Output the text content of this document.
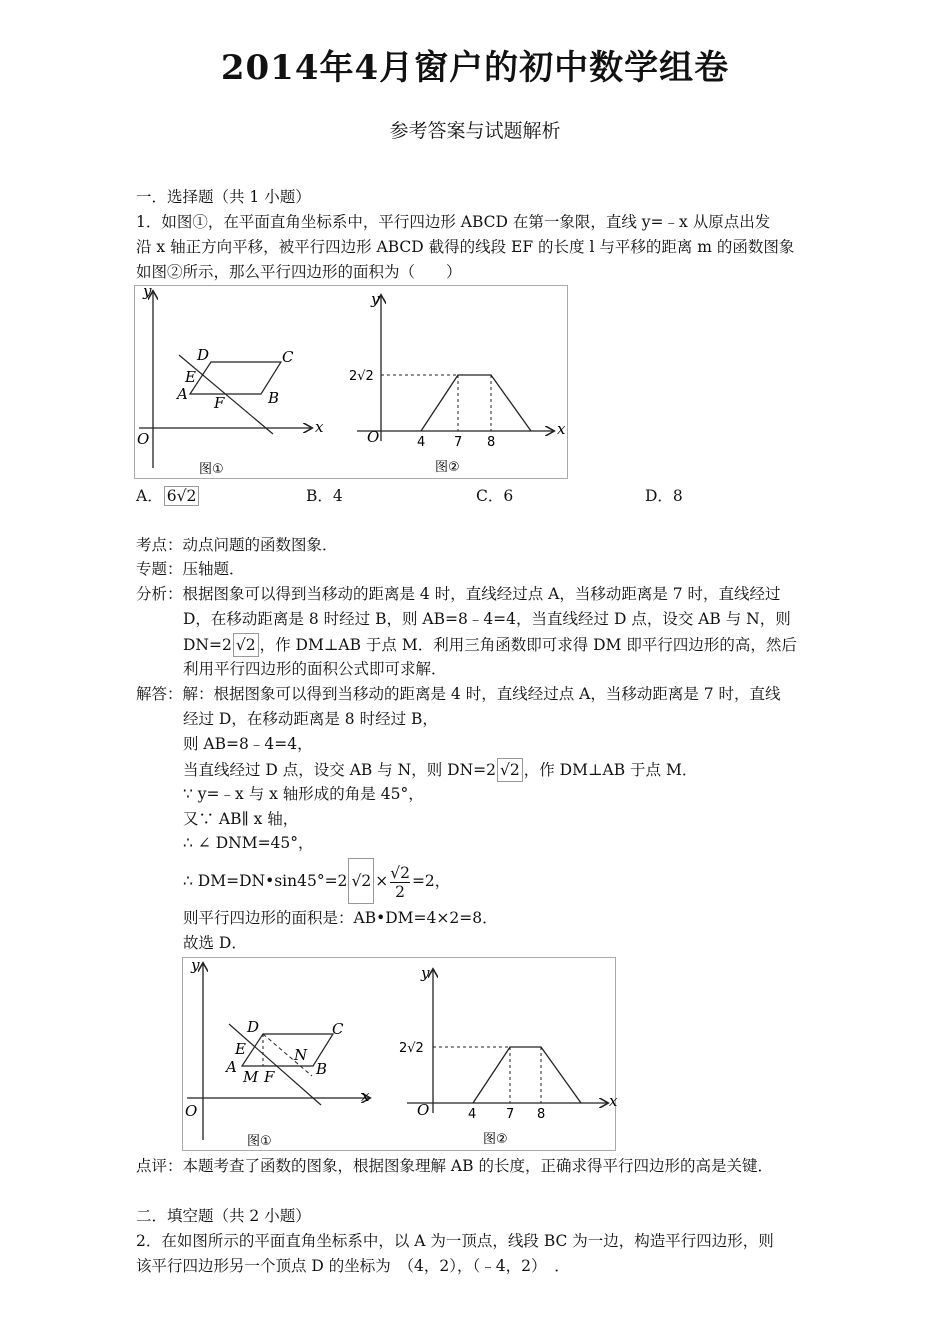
2014年4月窗户的初中数学组卷
参考答案与试题解析
一．选择题（共 1 小题）
1．如图①，在平面直角坐标系中，平行四边形 ABCD 在第一象限，直线 y=﹣x 从原点出发
沿 x 轴正方向平移，被平行四边形 ABCD 截得的线段 EF 的长度 l 与平移的距离 m 的函数图象
如图②所示，那么平行四边形的面积为（　　）
y
x
O
D	C
E
A F	B
图①
y
x
O
2√2
4 7 8
图②
A． 6√2	B．4	C．6	D．8
考点：动点问题的函数图象．
专题：压轴题．
分析：根据图象可以得到当移动的距离是 4 时，直线经过点 A，当移动距离是 7 时，直线经过
D，在移动距离是 8 时经过 B，则 AB=8﹣4=4，当直线经过 D 点，设交 AB 与 N，则
DN=2 √2 ，作 DM⊥AB 于点 M．利用三角函数即可求得 DM 即平行四边形的高，然后
利用平行四边形的面积公式即可求解．
解答：解：根据图象可以得到当移动的距离是 4 时，直线经过点 A，当移动距离是 7 时，直线
经过 D，在移动距离是 8 时经过 B，
则 AB=8﹣4=4，
当直线经过 D 点，设交 AB 与 N，则 DN=2 √2 ，作 DM⊥AB 于点 M．
∵ y=﹣x 与 x 轴形成的角是 45°，
又∵ AB∥ x 轴，
∴ ∠ DNM=45°，
∴ DM=DN•sin45°=2 $√2 \times \frac{√2}{2} =2$，
则平行四边形的面积是：AB•DM=4×2=8．
故选 D．
y
x
O
D	C
E
A
M F
N
B
图①
y
x
O
2√2
4 7 8
图②
点评：本题考查了函数的图象，根据图象理解 AB 的长度，正确求得平行四边形的高是关键．
二．填空题（共 2 小题）
2．在如图所示的平面直角坐标系中，以 A 为一顶点，线段 BC 为一边，构造平行四边形，则
该平行四边形另一个顶点 D 的坐标为　（4，2），（﹣4，2）　．
